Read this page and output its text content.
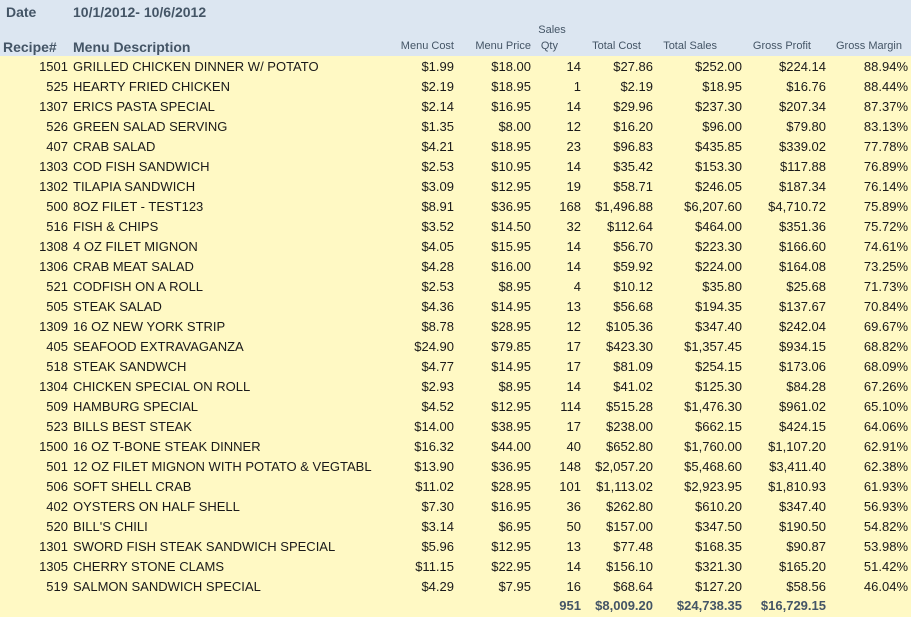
Date	10/1/2012- 10/6/2012
Sales
Recipe# Menu Description	Menu Cost Menu Price Qty	Total Cost Total Sales	Gross Profit Gross Margin
1501 GRILLED CHICKEN DINNER W/ POTATO	$1.99	$18.00	14 $27.86	$252.00	$224.14	88.94%
525 HEARTY FRIED CHICKEN	$2.19	$18.95	1	$2.19	$18.95	$16.76	88.44%
1307 ERICS PASTA SPECIAL	$2.14	$16.95	14 $29.96	$237.30	$207.34	87.37%
526 GREEN SALAD SERVING	$1.35	$8.00	12 $16.20	$96.00	$79.80	83.13%
407 CRAB SALAD	$4.21	$18.95	23 $96.83	$435.85	$339.02	77.78%
1303 COD FISH SANDWICH	$2.53	$10.95	14 $35.42	$153.30	$117.88	76.89%
1302 TILAPIA SANDWICH	$3.09	$12.95	19 $58.71	$246.05	$187.34	76.14%
500 8OZ FILET - TEST123	$8.91	$36.95 168 $1,496.88 $6,207.60 $4,710.72	75.89%
516 FISH & CHIPS	$3.52	$14.50	32 $112.64	$464.00	$351.36	75.72%
1308 4 OZ FILET MIGNON	$4.05	$15.95	14 $56.70	$223.30	$166.60	74.61%
1306 CRAB MEAT SALAD	$4.28	$16.00	14 $59.92	$224.00	$164.08	73.25%
521 CODFISH ON A ROLL	$2.53	$8.95	4 $10.12	$35.80	$25.68	71.73%
505 STEAK SALAD	$4.36	$14.95	13 $56.68	$194.35	$137.67	70.84%
1309 16 OZ NEW YORK STRIP	$8.78	$28.95	12 $105.36	$347.40	$242.04	69.67%
405 SEAFOOD EXTRAVAGANZA	$24.90	$79.85	17 $423.30 $1,357.45	$934.15	68.82%
518 STEAK SANDWCH	$4.77	$14.95	17 $81.09	$254.15	$173.06	68.09%
1304 CHICKEN SPECIAL ON ROLL	$2.93	$8.95	14 $41.02	$125.30	$84.28	67.26%
509 HAMBURG SPECIAL	$4.52	$12.95 114 $515.28 $1,476.30	$961.02	65.10%
523 BILLS BEST STEAK	$14.00	$38.95	17 $238.00	$662.15	$424.15	64.06%
1500 16 OZ T-BONE STEAK DINNER	$16.32	$44.00	40 $652.80 $1,760.00 $1,107.20	62.91%
501 12 OZ FILET MIGNON WITH POTATO & VEGTABL	$13.90	$36.95 148 $2,057.20 $5,468.60 $3,411.40	62.38%
506 SOFT SHELL CRAB	$11.02	$28.95 101 $1,113.02 $2,923.95 $1,810.93	61.93%
402 OYSTERS ON HALF SHELL	$7.30	$16.95	36 $262.80	$610.20	$347.40	56.93%
520 BILL'S CHILI	$3.14	$6.95	50 $157.00	$347.50	$190.50	54.82%
1301 SWORD FISH STEAK SANDWICH SPECIAL	$5.96	$12.95	13 $77.48	$168.35	$90.87	53.98%
1305 CHERRY STONE CLAMS	$11.15	$22.95	14 $156.10	$321.30	$165.20	51.42%
519 SALMON SANDWICH SPECIAL	$4.29	$7.95	16 $68.64	$127.20	$58.56	46.04%
951 $8,009.20 $24,738.35 $16,729.15
